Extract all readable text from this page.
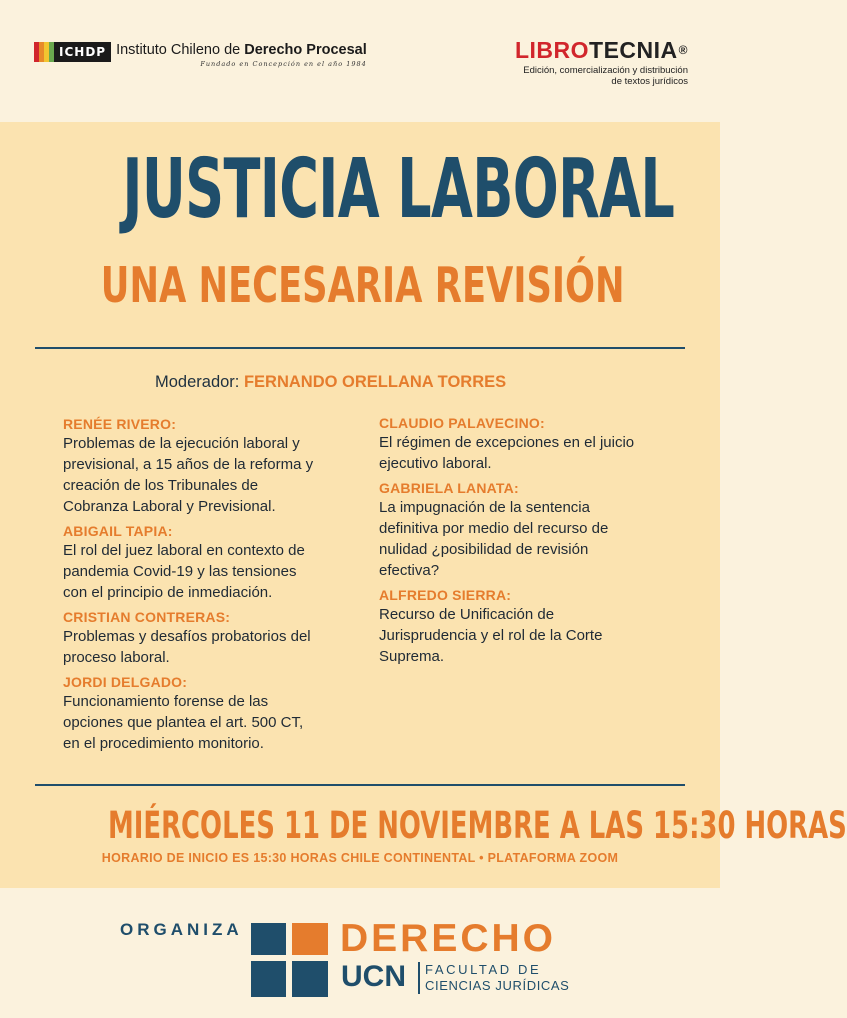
ICHDP Instituto Chileno de Derecho Procesal
Fundado en Concepción en el año 1984
LIBROTECNIA®
Edición, comercialización y distribución
de textos jurídicos
JUSTICIA LABORAL
UNA NECESARIA REVISIÓN
Moderador: FERNANDO ORELLANA TORRES
RENÉE RIVERO:
Problemas de la ejecución laboral y
previsional, a 15 años de la reforma y
creación de los Tribunales de
Cobranza Laboral y Previsional.
ABIGAIL TAPIA:
El rol del juez laboral en contexto de
pandemia Covid-19 y las tensiones
con el principio de inmediación.
CRISTIAN CONTRERAS:
Problemas y desafíos probatorios del
proceso laboral.
JORDI DELGADO:
Funcionamiento forense de las
opciones que plantea el art. 500 CT,
en el procedimiento monitorio.
CLAUDIO PALAVECINO:
El régimen de excepciones en el juicio
ejecutivo laboral.
GABRIELA LANATA:
La impugnación de la sentencia
definitiva por medio del recurso de
nulidad ¿posibilidad de revisión
efectiva?
ALFREDO SIERRA:
Recurso de Unificación de
Jurisprudencia y el rol de la Corte
Suprema.
MIÉRCOLES 11 DE NOVIEMBRE A LAS 15:30 HORAS
HORARIO DE INICIO ES 15:30 HORAS CHILE CONTINENTAL • PLATAFORMA ZOOM
ORGANIZA DERECHO
UCN FACULTAD DE
CIENCIAS JURÍDICAS
